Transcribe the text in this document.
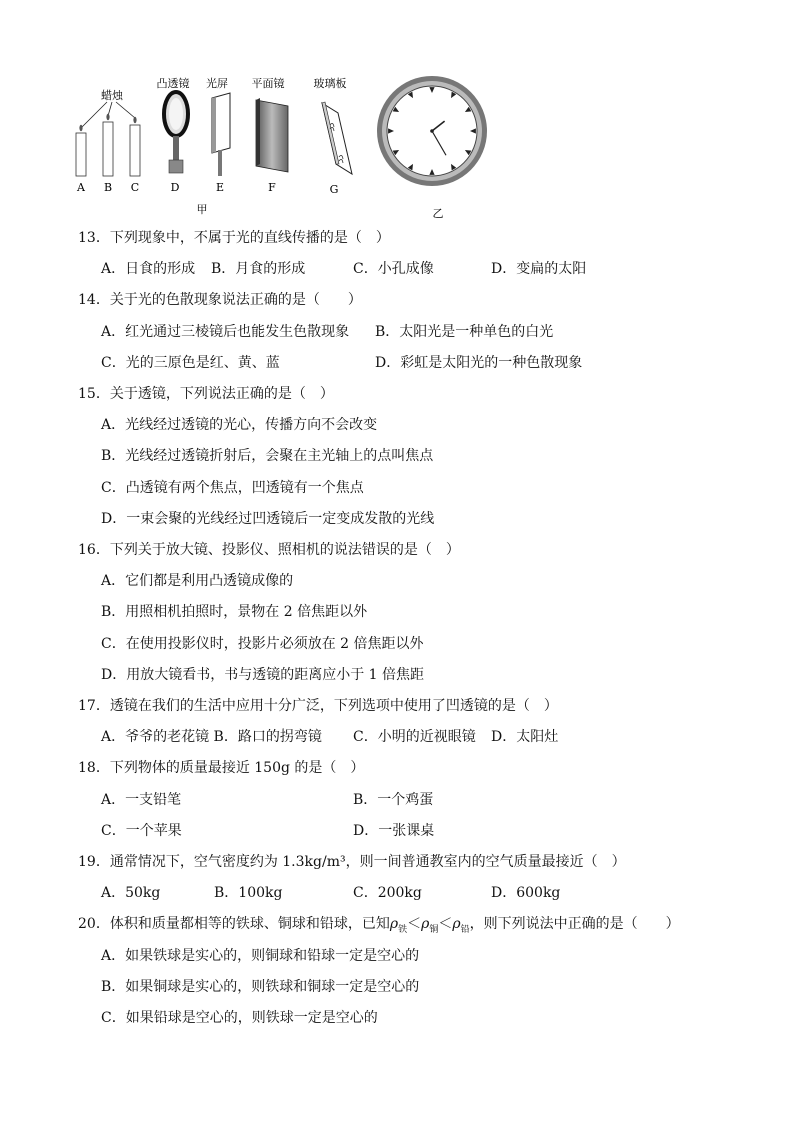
蜡烛
凸透镜 光屏 平面镜	玻璃板
A B C	D	E	F	G
甲	乙
13．下列现象中，不属于光的直线传播的是（　）
A．日食的形成 B．月食的形成	C．小孔成像	D．变扁的太阳
14．关于光的色散现象说法正确的是（　　）
A．红光通过三棱镜后也能发生色散现象 B．太阳光是一种单色的白光
C．光的三原色是红、黄、蓝	D．彩虹是太阳光的一种色散现象
15．关于透镜，下列说法正确的是（　）
A．光线经过透镜的光心，传播方向不会改变
B．光线经过透镜折射后，会聚在主光轴上的点叫焦点
C．凸透镜有两个焦点，凹透镜有一个焦点
D．一束会聚的光线经过凹透镜后一定变成发散的光线
16．下列关于放大镜、投影仪、照相机的说法错误的是（　）
A．它们都是利用凸透镜成像的
B．用照相机拍照时，景物在 2 倍焦距以外
C．在使用投影仪时，投影片必须放在 2 倍焦距以外
D．用放大镜看书，书与透镜的距离应小于 1 倍焦距
17．透镜在我们的生活中应用十分广泛，下列选项中使用了凹透镜的是（　）
A．爷爷的老花镜 B．路口的拐弯镜 C．小明的近视眼镜 D．太阳灶
18．下列物体的质量最接近 150g 的是（　）
A．一支铅笔	B．一个鸡蛋
C．一个苹果	D．一张课桌
19．通常情况下，空气密度约为 1.3kg/m³，则一间普通教室内的空气质量最接近（　）
A．50kg	B．100kg	C．200kg	D．600kg
20．体积和质量都相等的铁球、铜球和铅球，已知$\rho_铁<\rho_铜<\rho_铅$，则下列说法中正确的是（　　）
A．如果铁球是实心的，则铜球和铅球一定是空心的
B．如果铜球是实心的，则铁球和铜球一定是空心的
C．如果铅球是空心的，则铁球一定是空心的
